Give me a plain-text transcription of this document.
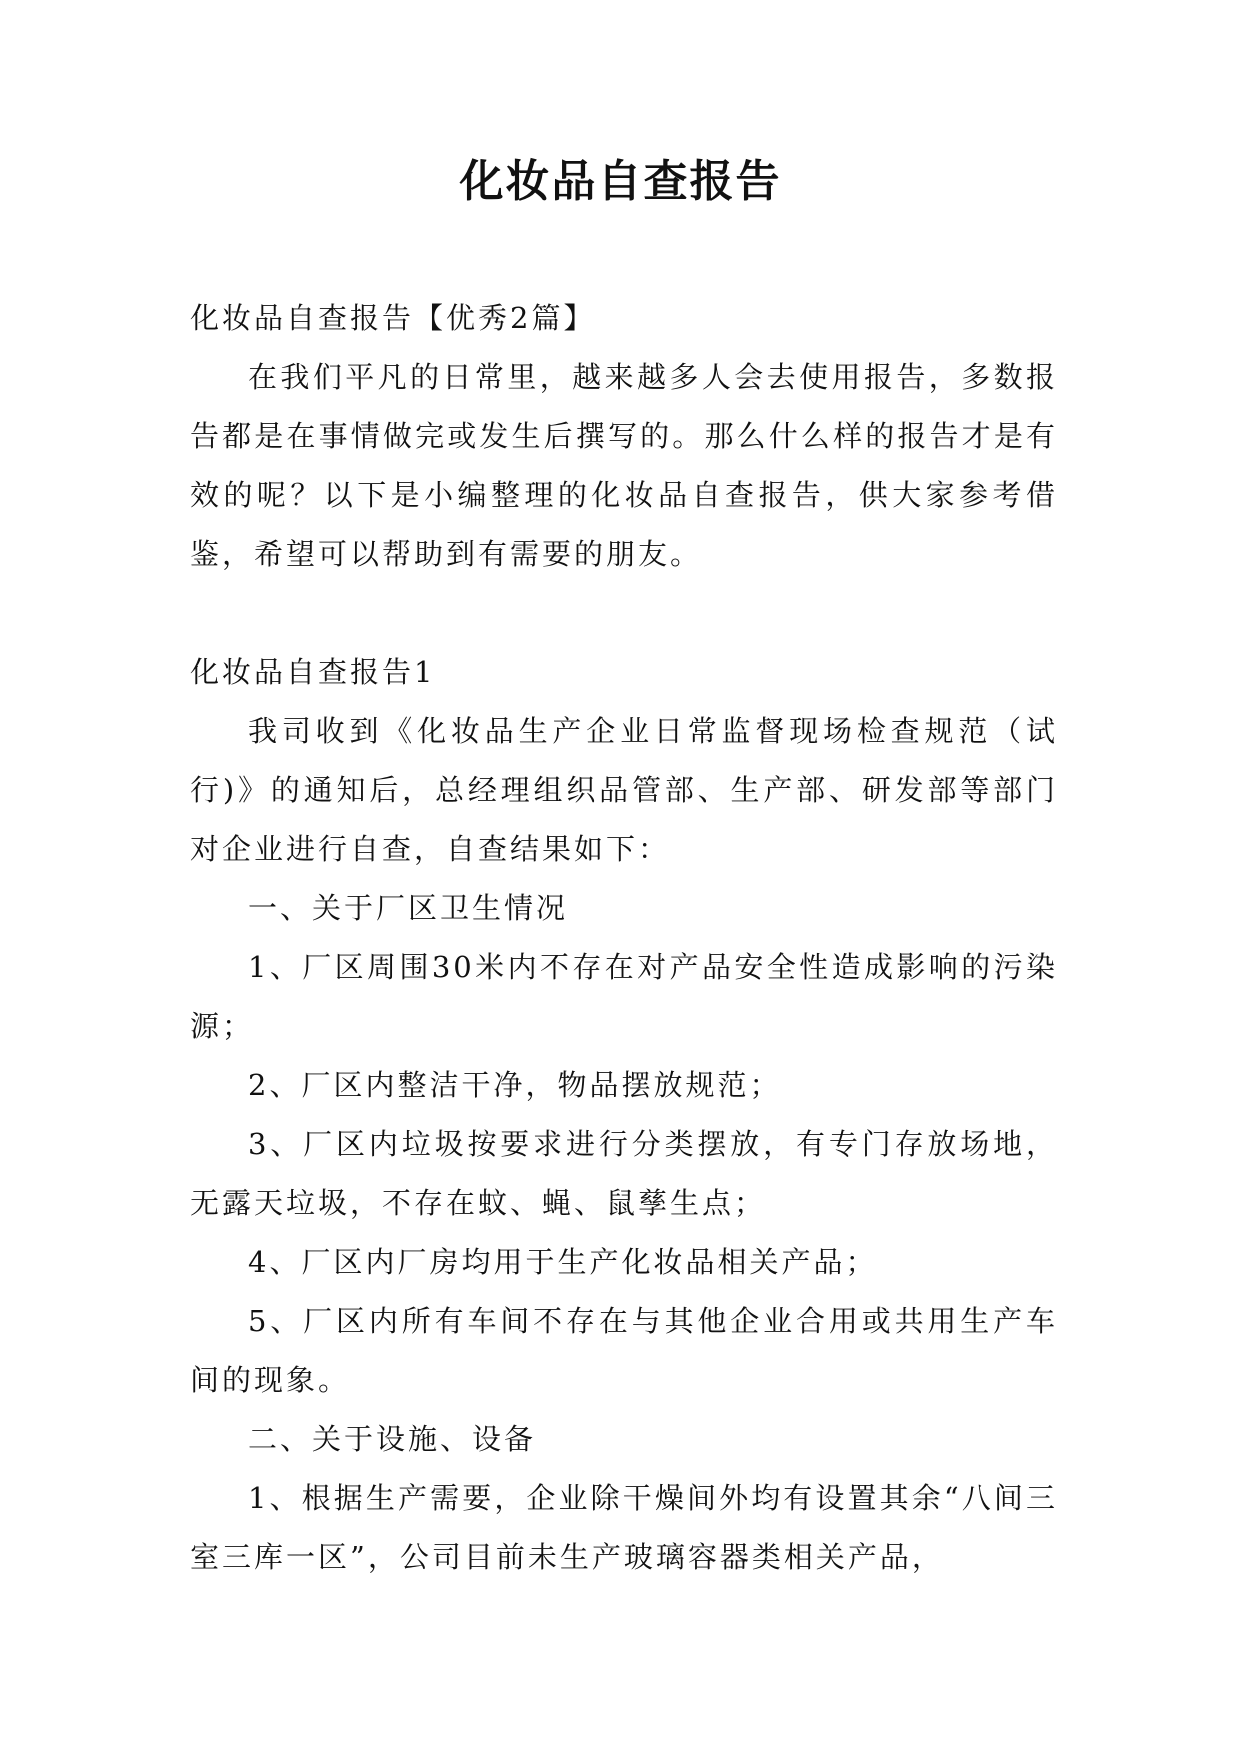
化妆品自查报告

化妆品自查报告【优秀2篇】

在我们平凡的日常里，越来越多人会去使用报告，多数报告都是在事情做完或发生后撰写的。那么什么样的报告才是有效的呢？以下是小编整理的化妆品自查报告，供大家参考借鉴，希望可以帮助到有需要的朋友。

化妆品自查报告1

我司收到《化妆品生产企业日常监督现场检查规范（试行)》的通知后，总经理组织品管部、生产部、研发部等部门对企业进行自查，自查结果如下：

一、关于厂区卫生情况

1、厂区周围30米内不存在对产品安全性造成影响的污染源；

2、厂区内整洁干净，物品摆放规范；

3、厂区内垃圾按要求进行分类摆放，有专门存放场地，无露天垃圾，不存在蚊、蝇、鼠孳生点；

4、厂区内厂房均用于生产化妆品相关产品；

5、厂区内所有车间不存在与其他企业合用或共用生产车间的现象。

二、关于设施、设备

1、根据生产需要，企业除干燥间外均有设置其余“八间三室三库一区”，公司目前未生产玻璃容器类相关产品，
